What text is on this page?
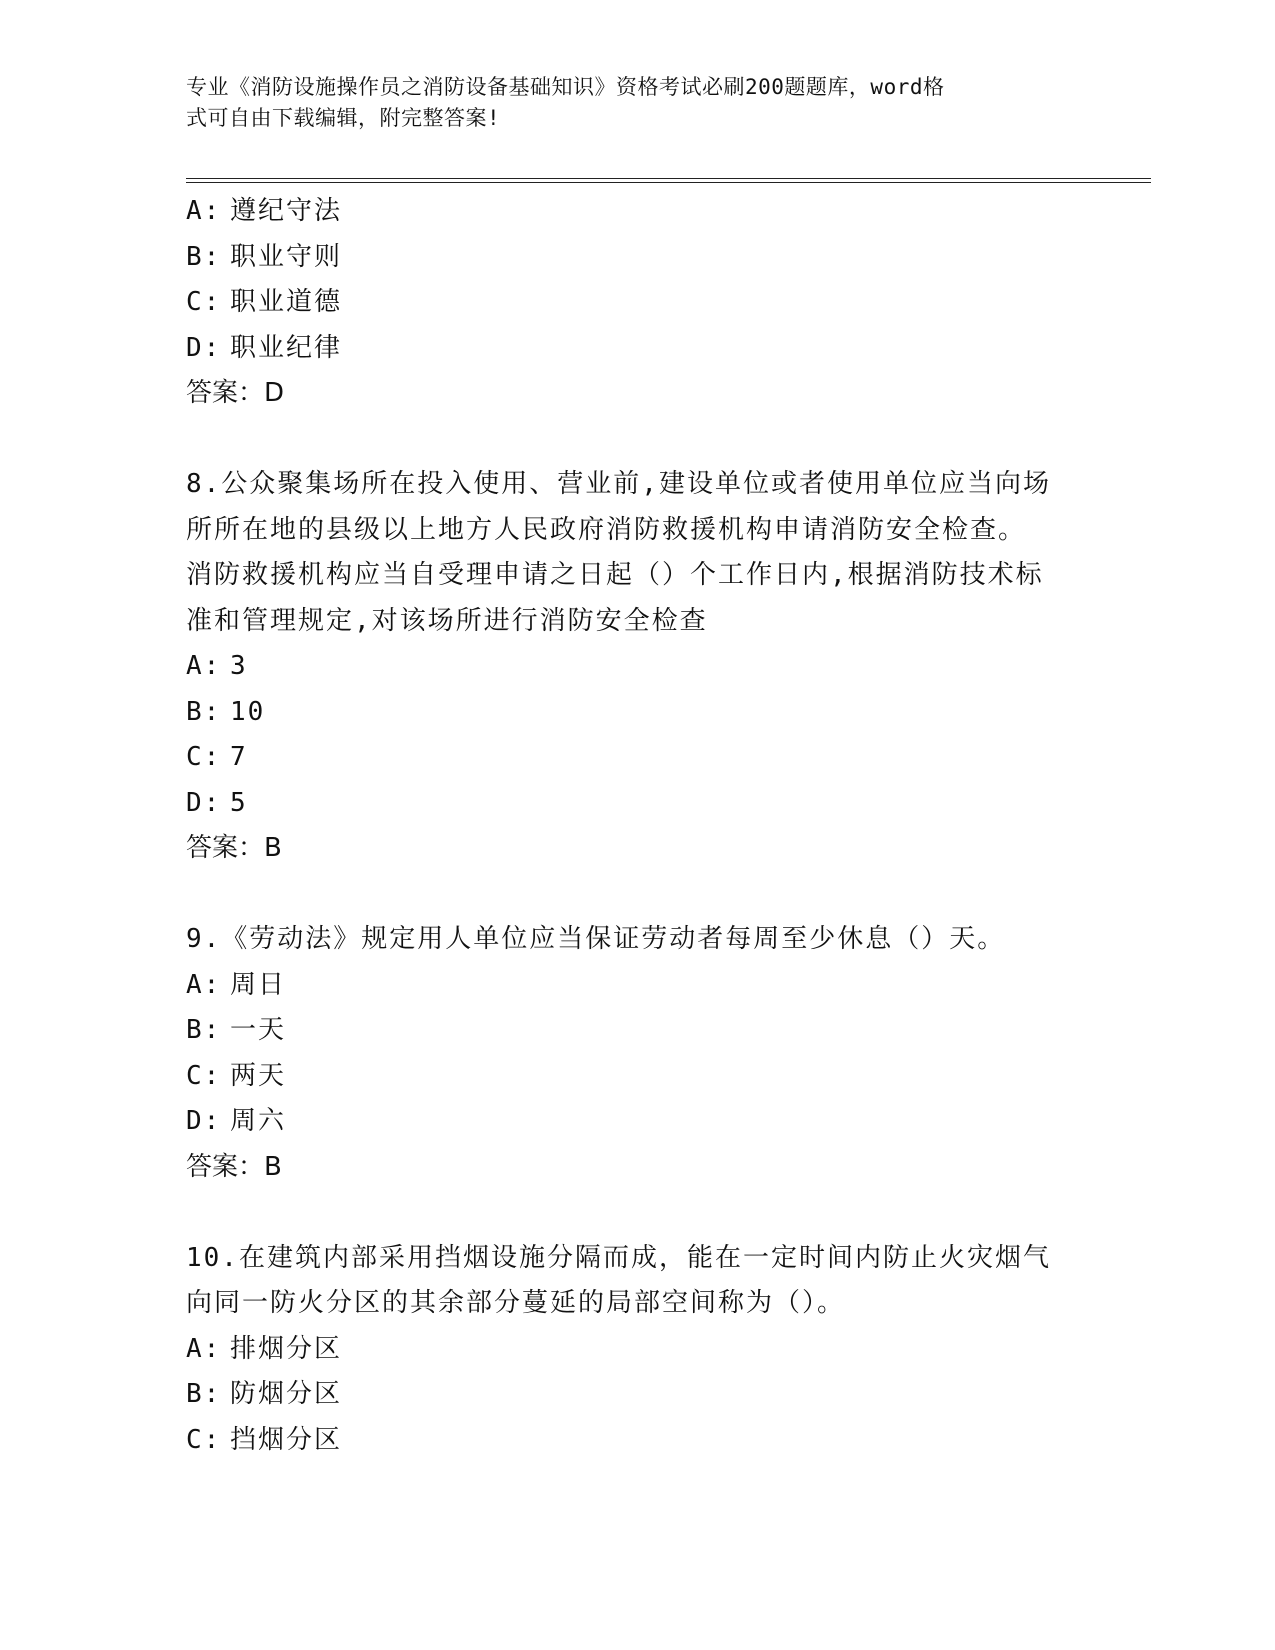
专业《消防设施操作员之消防设备基础知识》资格考试必刷200题题库，word格
式可自由下载编辑，附完整答案!
A: 遵纪守法
B: 职业守则
C: 职业道德
D: 职业纪律
答案：D
8.公众聚集场所在投入使用、营业前,建设单位或者使用单位应当向场
所所在地的县级以上地方人民政府消防救援机构申请消防安全检查。
消防救援机构应当自受理申请之日起（）个工作日内,根据消防技术标
准和管理规定,对该场所进行消防安全检查
A: 3
B: 10
C: 7
D: 5
答案：B
9.《劳动法》规定用人单位应当保证劳动者每周至少休息（）天。
A: 周日
B: 一天
C: 两天
D: 周六
答案：B
10.在建筑内部采用挡烟设施分隔而成，能在一定时间内防止火灾烟气
向同一防火分区的其余部分蔓延的局部空间称为（）。
A: 排烟分区
B: 防烟分区
C: 挡烟分区
